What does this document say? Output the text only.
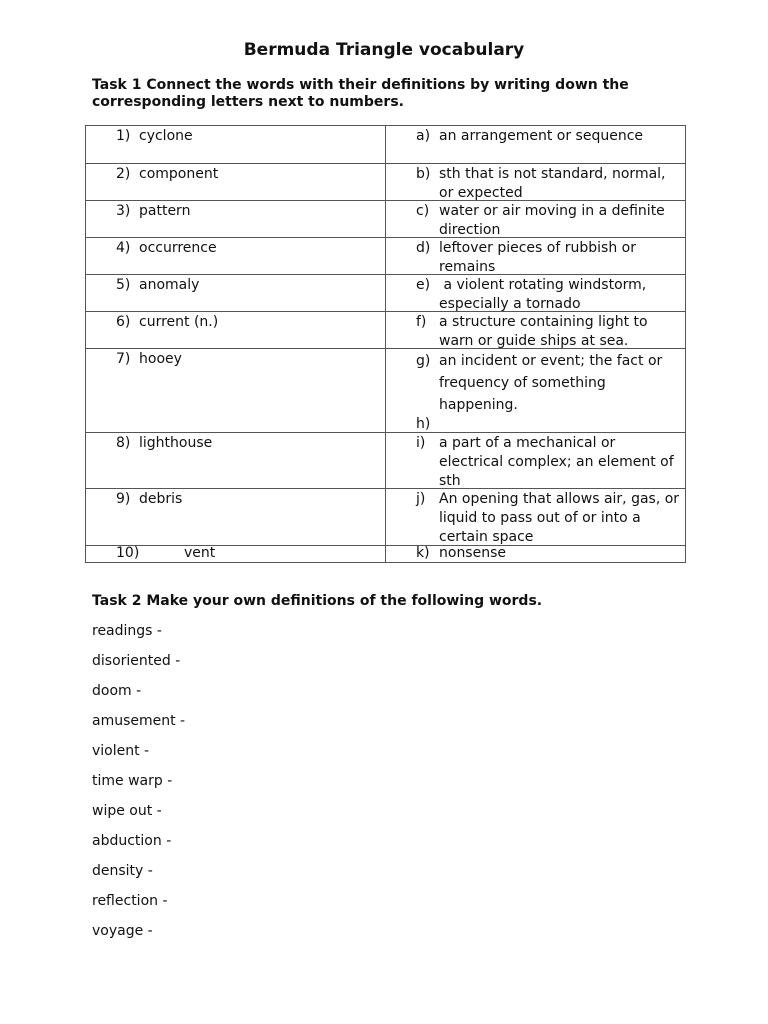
Bermuda Triangle vocabulary

Task 1 Connect the words with their definitions by writing down the corresponding letters next to numbers.

1) cyclone	a) an arrangement or sequence

2) component	b) sth that is not standard, normal, or expected

3) pattern	c) water or air moving in a definite direction

4) occurrence	d) leftover pieces of rubbish or remains

5) anomaly	e) a violent rotating windstorm, especially a tornado

6) current (n.)	f) a structure containing light to warn or guide ships at sea.

7) hooey	g) an incident or event; the fact or frequency of something happening.
h)

8) lighthouse	i) a part of a mechanical or electrical complex; an element of sth

9) debris	j) An opening that allows air, gas, or liquid to pass out of or into a certain space

10) vent	k) nonsense

Task 2 Make your own definitions of the following words.

readings -
disoriented -
doom -
amusement -
violent -
time warp -
wipe out -
abduction -
density -
reflection -
voyage -
